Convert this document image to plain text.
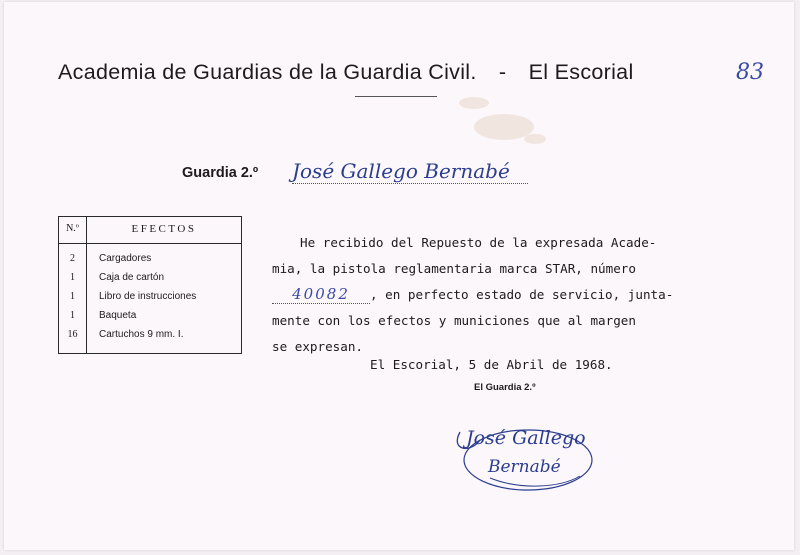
Academia de Guardias de la Guardia Civil. - El Escorial	83
Guardia 2.º José Gallego Bernabé
N.º	EFECTOS
2	Cargadores
1	Caja de cartón
1	Libro de instrucciones
1	Baqueta
16	Cartuchos 9 mm. I.
He recibido del Repuesto de la expresada Acade-
mia, la pistola reglamentaria marca STAR, número
40082 , en perfecto estado de servicio, junta-
mente con los efectos y municiones que al margen
se expresan.
El Escorial, 5 de Abril de 1968.
El Guardia 2.º
José Gallego
Bernabé
